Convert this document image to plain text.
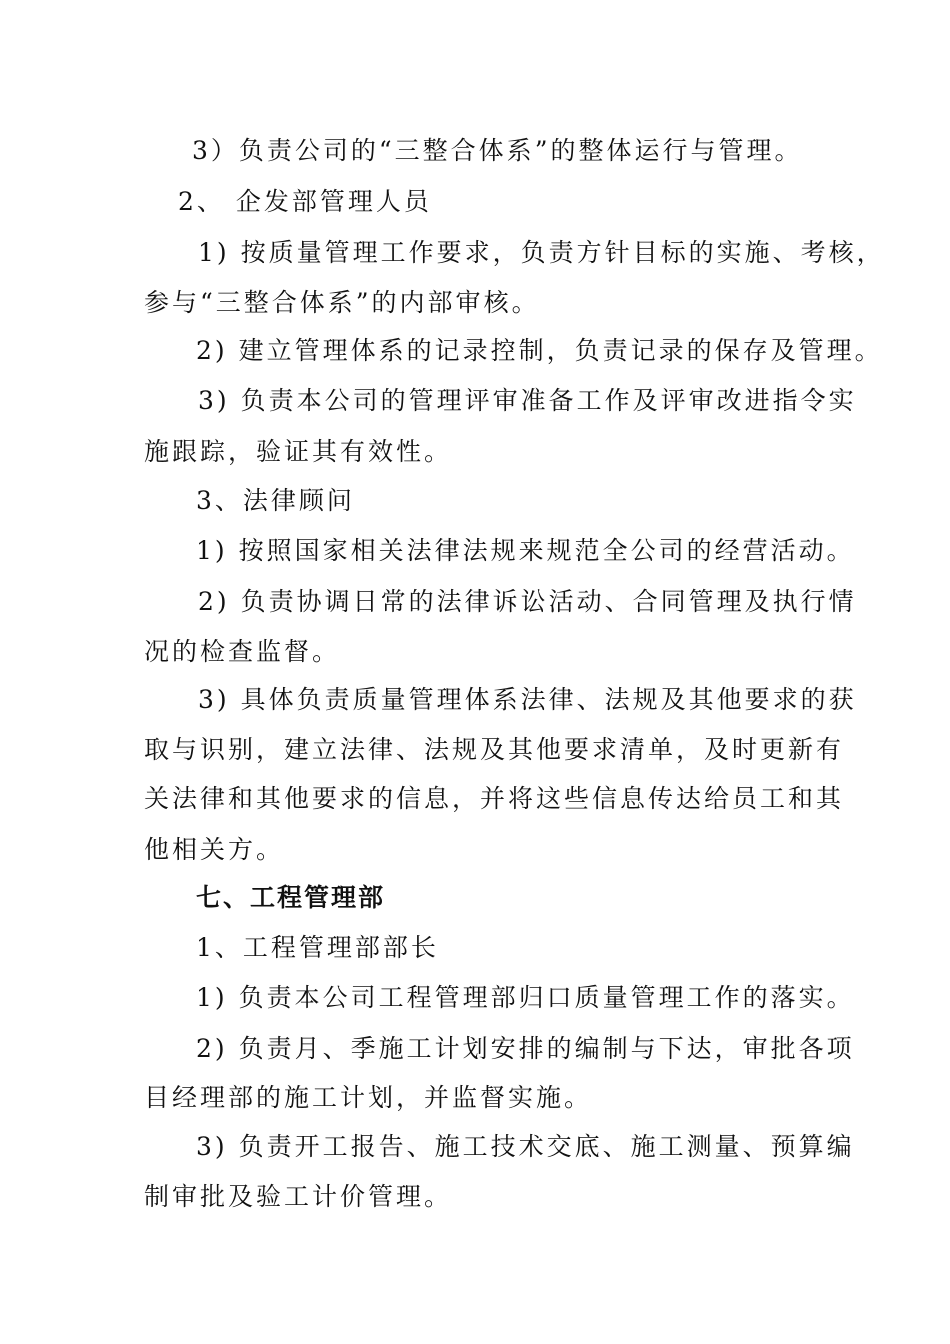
3）负责公司的“三整合体系”的整体运行与管理。
2、 企发部管理人员
1) 按质量管理工作要求，负责方针目标的实施、考核，
参与“三整合体系”的内部审核。
2) 建立管理体系的记录控制，负责记录的保存及管理。
3) 负责本公司的管理评审准备工作及评审改进指令实
施跟踪，验证其有效性。
3、法律顾问
1) 按照国家相关法律法规来规范全公司的经营活动。
2) 负责协调日常的法律诉讼活动、合同管理及执行情
况的检查监督。
3) 具体负责质量管理体系法律、法规及其他要求的获
取与识别，建立法律、法规及其他要求清单，及时更新有
关法律和其他要求的信息，并将这些信息传达给员工和其
他相关方。
七、工程管理部
1、工程管理部部长
1) 负责本公司工程管理部归口质量管理工作的落实。
2) 负责月、季施工计划安排的编制与下达，审批各项
目经理部的施工计划，并监督实施。
3) 负责开工报告、施工技术交底、施工测量、预算编
制审批及验工计价管理。
